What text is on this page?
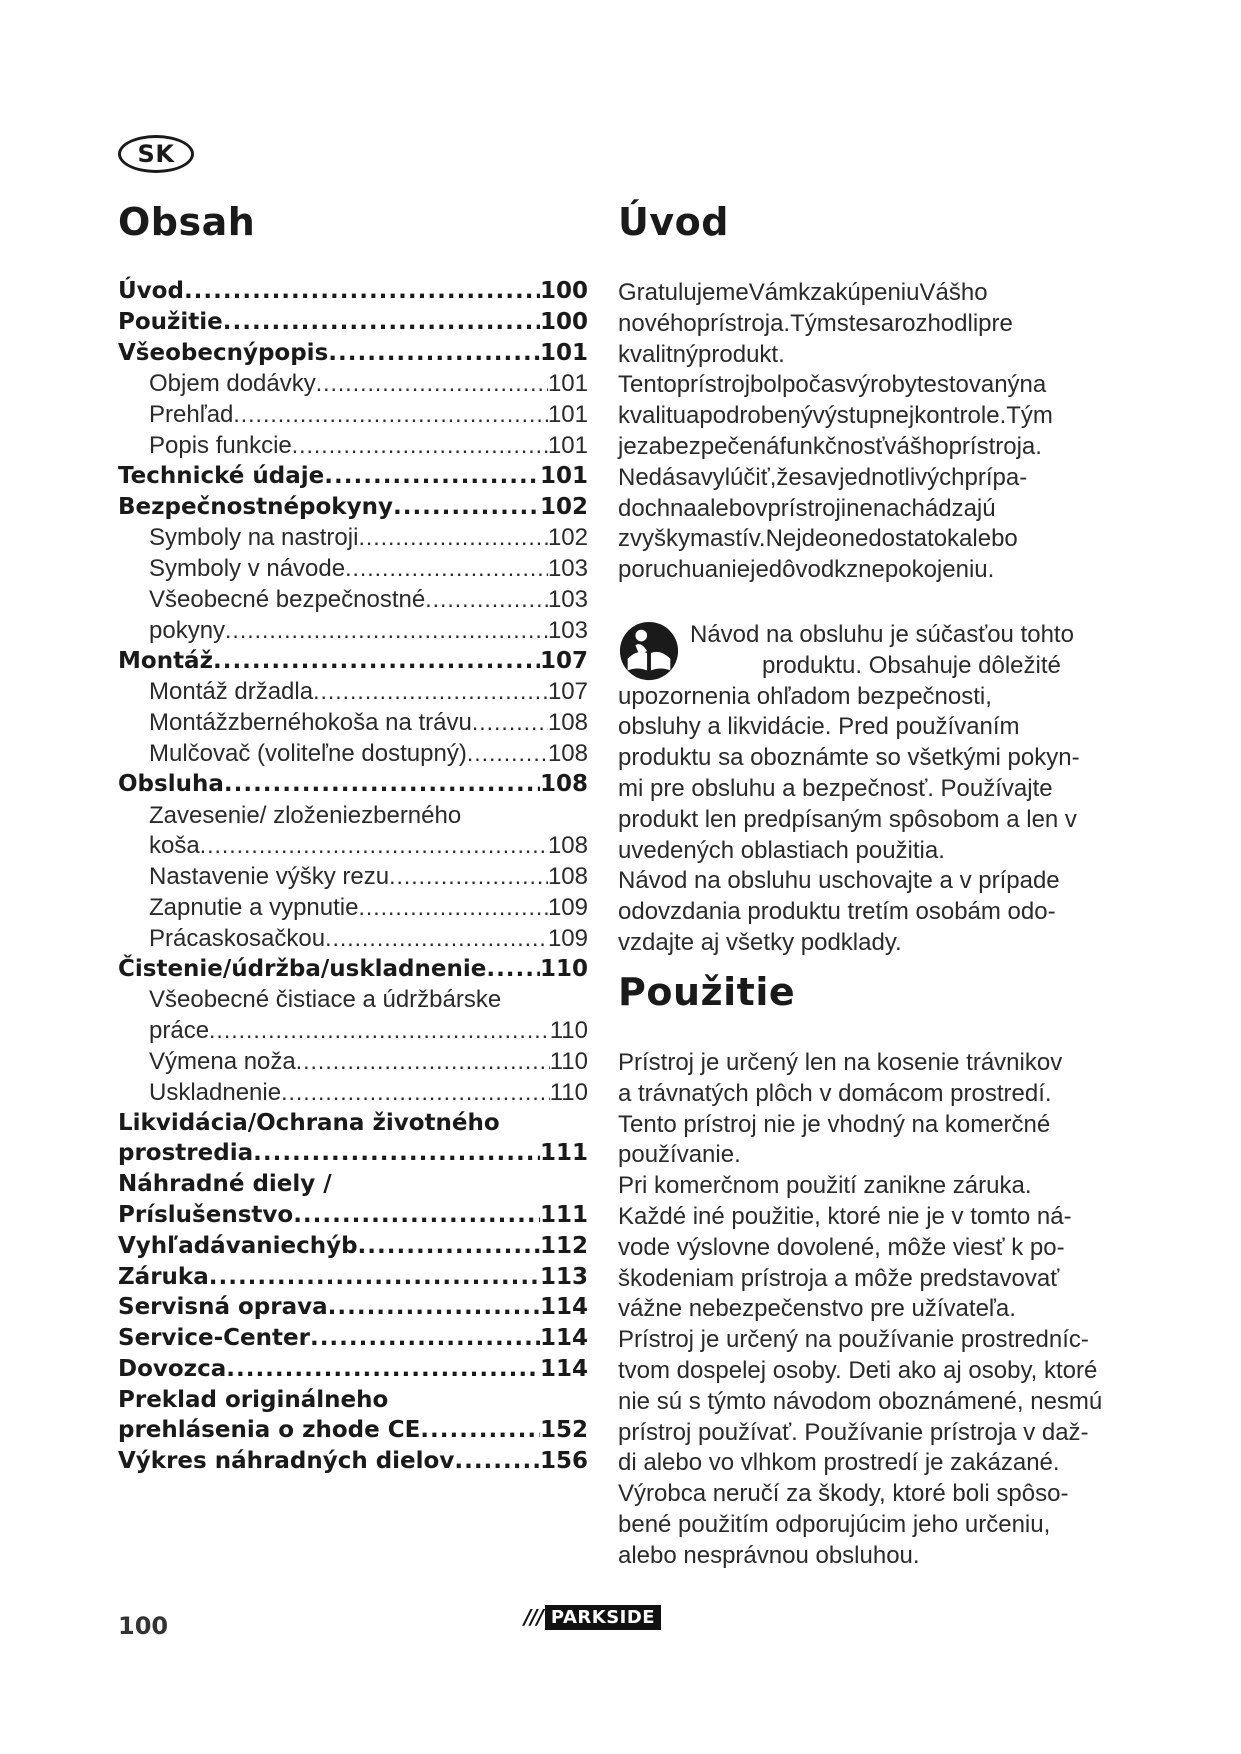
SK
Obsah
Úvod .....	100
Použitie .....	100
Všeobecnýpopis .....	101
Objem dodávky .....	101
Prehľad .....	101
Popis funkcie .....	101
Technické údaje .....	101
Bezpečnostnépokyny .....	102
Symboly na nastroji .....	102
Symboly v návode .....	103
Všeobecné bezpečnostné .....	103
pokyny .....	103
Montáž .....	107
Montáž držadla .....	107
Montážzbernéhokoša na trávu .....	108
Mulčovač (voliteľne dostupný) .....	108
Obsluha .....	108
Zavesenie/ zloženiezberného
koša .....	108
Nastavenie výšky rezu .....	108
Zapnutie a vypnutie .....	109
Prácaskosačkou .....	109
Čistenie/údržba/uskladnenie ..... 110
Všeobecné čistiace a údržbárske
práce .....	110
Výmena noža .....	110
Uskladnenie .....	110
Likvidácia/Ochrana životného
prostredia .....	111
Náhradné diely /
Príslušenstvo .....	111
Vyhľadávaniechýb .....	112
Záruka .....	113
Servisná oprava .....	114
Service-Center .....	114
Dovozca .....	114
Preklad originálneho
prehlásenia o zhode CE .....	152
Výkres náhradných dielov .....	156
Úvod

GratulujemeVámkzakúpeniuVášho
novéhoprístroja.Týmstesarozhodlipre
kvalitnýprodukt.
Tentoprístrojbolpočasvýrobytestovanýna
kvalituapodrobenývýstupnejkontrole.Tým
jezabezpečenáfunkčnosťvášhoprístroja.
Nedásavylúčiť,žesavjednotlivýchprípa-
dochnaalebovprístrojinenachádzajú
zvyškymastív.Nejdeonedostatokalebo
poruchuaniejedôvodkznepokojeniu.

Návod na obsluhu je súčasťou tohto
produktu. Obsahuje dôležité
upozornenia ohľadom bezpečnosti,
obsluhy a likvidácie. Pred používaním
produktu sa oboznámte so všetkými pokyn-
mi pre obsluhu a bezpečnosť. Používajte
produkt len predpísaným spôsobom a len v
uvedených oblastiach použitia.
Návod na obsluhu uschovajte a v prípade
odovzdania produktu tretím osobám odo-
vzdajte aj všetky podklady.

Použitie

Prístroj je určený len na kosenie trávnikov
a trávnatých plôch v domácom prostredí.
Tento prístroj nie je vhodný na komerčné
používanie.
Pri komerčnom použití zanikne záruka.
Každé iné použitie, ktoré nie je v tomto ná-
vode výslovne dovolené, môže viesť k po-
škodeniam prístroja a môže predstavovať
vážne nebezpečenstvo pre užívateľa.
Prístroj je určený na používanie prostredníc-
tvom dospelej osoby. Deti ako aj osoby, ktoré
nie sú s týmto návodom oboznámené, nesmú
prístroj používať. Používanie prístroja v daž-
di alebo vo vlhkom prostredí je zakázané.
Výrobca neručí za škody, ktoré boli spôso-
bené použitím odporujúcim jeho určeniu,
alebo nesprávnou obsluhou.

100	/// PARKSIDE
